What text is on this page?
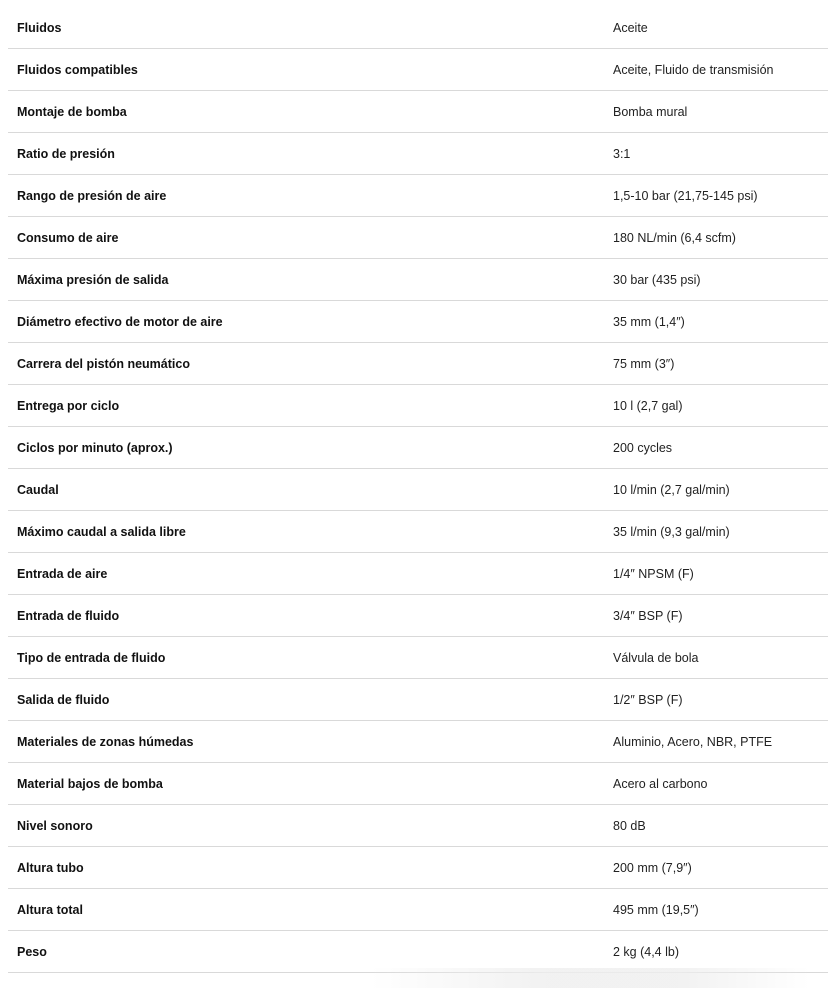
Fluidos	Aceite
Fluidos compatibles	Aceite, Fluido de transmisión
Montaje de bomba	Bomba mural
Ratio de presión	3:1
Rango de presión de aire	1,5-10 bar (21,75-145 psi)
Consumo de aire	180 NL/min (6,4 scfm)
Máxima presión de salida	30 bar (435 psi)
Diámetro efectivo de motor de aire	35 mm (1,4″)
Carrera del pistón neumático	75 mm (3″)
Entrega por ciclo	10 l (2,7 gal)
Ciclos por minuto (aprox.)	200 cycles
Caudal	10 l/min (2,7 gal/min)
Máximo caudal a salida libre	35 l/min (9,3 gal/min)
Entrada de aire	1/4″ NPSM (F)
Entrada de fluido	3/4″ BSP (F)
Tipo de entrada de fluido	Válvula de bola
Salida de fluido	1/2″ BSP (F)
Materiales de zonas húmedas	Aluminio, Acero, NBR, PTFE
Material bajos de bomba	Acero al carbono
Nivel sonoro	80 dB
Altura tubo	200 mm (7,9″)
Altura total	495 mm (19,5″)
Peso	2 kg (4,4 lb)
